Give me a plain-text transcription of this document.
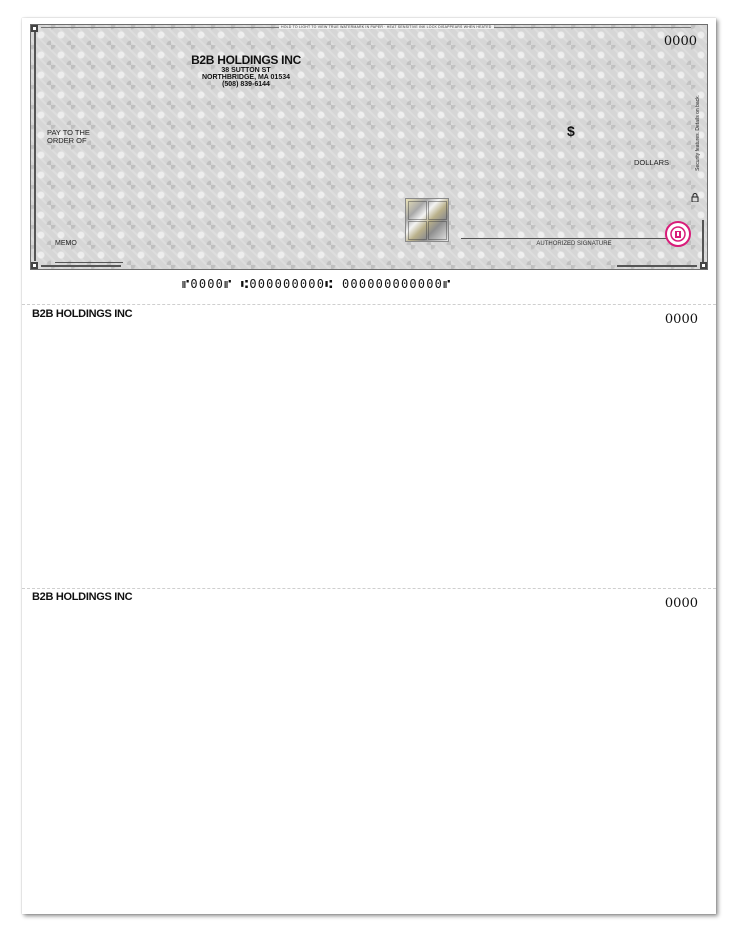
HOLD TO LIGHT TO VIEW TRUE WATERMARK IN PAPER · HEAT SENSITIVE INK LOCK DISAPPEARS WHEN HEATED
B2B HOLDINGS INC
38 SUTTON ST
NORTHBRIDGE, MA 01534
(508) 839-6144
0000
PAY TO THE
ORDER OF
$
DOLLARS	Security features. Details on back.
MEMO	AUTHORIZED SIGNATURE
⑈0000⑈ ⑆000000000⑆ 000000000000⑈
B2B HOLDINGS INC	0000
B2B HOLDINGS INC	0000
